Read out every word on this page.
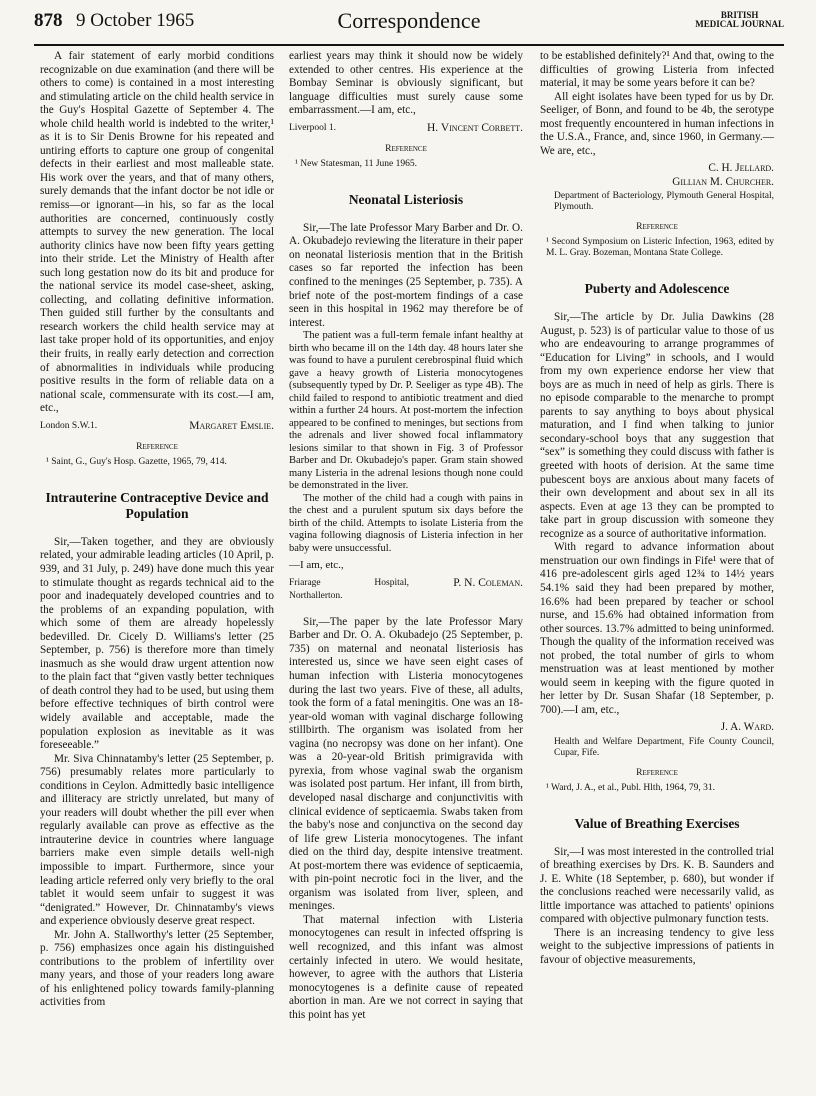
878 9 October 1965	Correspondence	BRITISH
MEDICAL JOURNAL

A fair statement of early morbid conditions recognizable on due examination (and there will be others to come) is contained in a most interesting and stimulating article on the child health service in the Guy's Hospital Gazette of September 4. The whole child health world is indebted to the writer,¹ as it is to Sir Denis Browne for his repeated and untiring efforts to capture one group of congenital defects in their earliest and most malleable state. His work over the years, and that of many others, surely demands that the infant doctor be not idle or remiss—or ignorant—in his, so far as the local authorities are concerned, continuously costly attempts to survey the new generation. The local authority clinics have now been fifty years getting into their stride. Let the Ministry of Health after such long gestation now do its bit and produce for the national service its model case-sheet, asking, collecting, and collating definitive information. Then guided still further by the consultants and research workers the child health service may at last take proper hold of its opportunities, and enjoy their fruits, in really early detection and correction of abnormalities in individuals while producing positive results in the form of reliable data on a national scale, commensurate with its cost.—I am, etc.,

London S.W.1.	Margaret Emslie.
Reference

¹ Saint, G., Guy's Hosp. Gazette, 1965, 79, 414.

Intrauterine Contraceptive Device and Population

Sir,—Taken together, and they are obviously related, your admirable leading articles (10 April, p. 939, and 31 July, p. 249) have done much this year to stimulate thought as regards technical aid to the poor and inadequately developed countries and to the problems of an expanding population, with which some of them are already hopelessly bedevilled. Dr. Cicely D. Williams's letter (25 September, p. 756) is therefore more than timely inasmuch as she would draw urgent attention now to the plain fact that “given vastly better techniques of death control they had to be used, but using them before effective techniques of birth control were widely available and acceptable, made the population explosion as inevitable as it was foreseeable.”

Mr. Siva Chinnatamby's letter (25 September, p. 756) presumably relates more particularly to conditions in Ceylon. Admittedly basic intelligence and illiteracy are strictly unrelated, but many of your readers will doubt whether the pill ever when regularly available can prove as effective as the intrauterine device in countries where language barriers make even simple details well-nigh impossible to impart. Furthermore, since your leading article referred only very briefly to the oral tablet it would seem unfair to suggest it was “denigrated.” However, Dr. Chinnatamby's views and experience obviously deserve great respect.

Mr. John A. Stallworthy's letter (25 September, p. 756) emphasizes once again his distinguished contributions to the problem of infertility over many years, and those of your readers long aware of his enlightened policy towards family-planning activities from

earliest years may think it should now be widely extended to other centres. His experience at the Bombay Seminar is obviously significant, but language difficulties must surely cause some embarrassment.—I am, etc.,

Liverpool 1.	H. Vincent Corbett.
Reference

¹ New Statesman, 11 June 1965.

Neonatal Listeriosis

Sir,—The late Professor Mary Barber and Dr. O. A. Okubadejo reviewing the literature in their paper on neonatal listeriosis mention that in the British cases so far reported the infection has been confined to the meninges (25 September, p. 735). A brief note of the post-mortem findings of a case seen in this hospital in 1962 may therefore be of interest.

The patient was a full-term female infant healthy at birth who became ill on the 14th day. 48 hours later she was found to have a purulent cerebrospinal fluid which gave a heavy growth of Listeria monocytogenes (subsequently typed by Dr. P. Seeliger as type 4B). The child failed to respond to antibiotic treatment and died within a further 24 hours. At post-mortem the infection appeared to be confined to meninges, but sections from the adrenals and liver showed focal inflammatory lesions similar to that shown in Fig. 3 of Professor Barber and Dr. Okubadejo's paper. Gram stain showed many Listeria in the adrenal lesions though none could be demonstrated in the liver.

The mother of the child had a cough with pains in the chest and a purulent sputum six days before the birth of the child. Attempts to isolate Listeria from the vagina following diagnosis of Listeria infection in her baby were unsuccessful.

—I am, etc.,
Friarage Hospital, Northallerton.
P. N. Coleman.

Sir,—The paper by the late Professor Mary Barber and Dr. O. A. Okubadejo (25 September, p. 735) on maternal and neonatal listeriosis has interested us, since we have seen eight cases of human infection with Listeria monocytogenes during the last two years. Five of these, all adults, took the form of a fatal meningitis. One was an 18-year-old woman with vaginal discharge following stillbirth. The organism was isolated from her vagina (no necropsy was done on her infant). One was a 20-year-old British primigravida with pyrexia, from whose vaginal swab the organism was isolated post partum. Her infant, ill from birth, developed nasal discharge and conjunctivitis with clinical evidence of septicaemia. Swabs taken from the baby's nose and conjunctiva on the second day of life grew Listeria monocytogenes. The infant died on the third day, despite intensive treatment. At post-mortem there was evidence of septicaemia, with pin-point necrotic foci in the liver, and the organism was isolated from liver, spleen, and meninges.

That maternal infection with Listeria monocytogenes can result in infected offspring is well recognized, and this infant was almost certainly infected in utero. We would hesitate, however, to agree with the authors that Listeria monocytogenes is a definite cause of repeated abortion in man. Are we not correct in saying that this point has yet

to be established definitely?¹ And that, owing to the difficulties of growing Listeria from infected material, it may be some years before it can be?

All eight isolates have been typed for us by Dr. Seeliger, of Bonn, and found to be 4b, the serotype most frequently encountered in human infections in the U.S.A., France, and, since 1960, in Germany.—We are, etc.,

C. H. Jellard.
Gillian M. Churcher.
Department of Bacteriology, Plymouth General Hospital, Plymouth.
Reference

¹ Second Symposium on Listeric Infection, 1963, edited by M. L. Gray. Bozeman, Montana State College.

Puberty and Adolescence

Sir,—The article by Dr. Julia Dawkins (28 August, p. 523) is of particular value to those of us who are endeavouring to arrange programmes of “Education for Living” in schools, and I would from my own experience endorse her view that boys are as much in need of help as girls. There is no episode comparable to the menarche to prompt parents to say anything to boys about physical maturation, and I find when talking to junior secondary-school boys that any suggestion that “sex” is something they could discuss with father is greeted with hoots of derision. At the same time pubescent boys are anxious about many facets of their own development and about sex in all its aspects. Even at age 13 they can be prompted to take part in group discussion with someone they recognize as a source of authoritative information.

With regard to advance information about menstruation our own findings in Fife¹ were that of 416 pre-adolescent girls aged 12¾ to 14½ years 54.1% said they had been prepared by mother, 16.6% had been prepared by teacher or school nurse, and 15.6% had obtained information from other sources. 13.7% admitted to being uninformed. Though the quality of the information received was not probed, the total number of girls to whom menstruation was at least mentioned by mother would seem in keeping with the figure quoted in her letter by Dr. Susan Shafar (18 September, p. 700).—I am, etc.,

J. A. Ward.
Health and Welfare Department, Fife County Council, Cupar, Fife.
Reference

¹ Ward, J. A., et al., Publ. Hlth, 1964, 79, 31.

Value of Breathing Exercises

Sir,—I was most interested in the controlled trial of breathing exercises by Drs. K. B. Saunders and J. E. White (18 September, p. 680), but wonder if the conclusions reached were necessarily valid, as little importance was attached to patients' opinions compared with objective pulmonary function tests.

There is an increasing tendency to give less weight to the subjective impressions of patients in favour of objective measurements,
